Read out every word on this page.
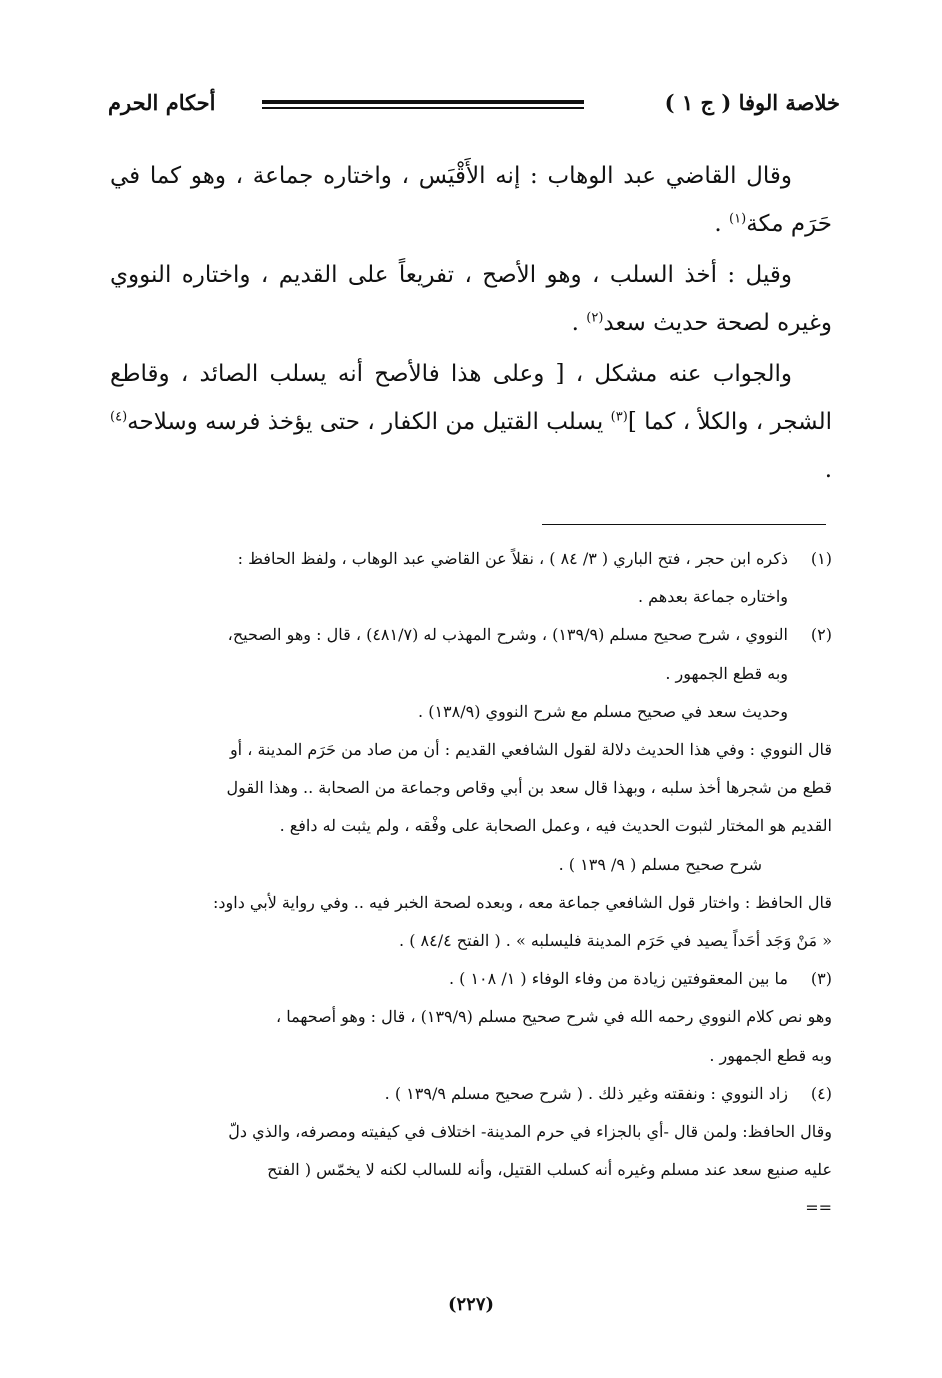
خلاصة الوفا ( ج ١ )
أحكام الحرم

وقال القاضي عبد الوهاب : إنه الأَقْيَس ، واختاره جماعة ، وهو كما في حَرَم مكة$^{(١)}$ .

وقيل : أخذ السلب ، وهو الأصح ، تفريعاً على القديم ، واختاره النووي وغيره لصحة حديث سعد$^{(٢)}$ .

والجواب عنه مشكل ، [ وعلى هذا فالأصح أنه يسلب الصائد ، وقاطع الشجر ، والكلأ ، كما ]$^{(٣)}$ يسلب القتيل من الكفار ، حتى يؤخذ فرسه وسلاحه$^{(٤)}$ .

(١)
ذكره ابن حجر ، فتح الباري ( ٣/ ٨٤ ) ، نقلاً عن القاضي عبد الوهاب ، ولفظ الحافظ :

واختاره جماعة بعدهم .

(٢)
النووي ، شرح صحيح مسلم (١٣٩/٩) ، وشرح المهذب له (٤٨١/٧) ، قال : وهو الصحيح،

وبه قطع الجمهور .

وحديث سعد في صحيح مسلم مع شرح النووي (١٣٨/٩) .

قال النووي : وفي هذا الحديث دلالة لقول الشافعي القديم : أن من صاد من حَرَم المدينة ، أو

قطع من شجرها أخذ سلبه ، وبهذا قال سعد بن أبي وقاص وجماعة من الصحابة .. وهذا القول

القديم هو المختار لثبوت الحديث فيه ، وعمل الصحابة على وفْقه ، ولم يثبت له دافع .

شرح صحيح مسلم ( ٩/ ١٣٩ ) .

قال الحافظ : واختار قول الشافعي جماعة معه ، وبعده لصحة الخبر فيه .. وفي رواية لأبي داود:

« مَنْ وَجَد أحَداً يصيد في حَرَم المدينة فليسلبه » . ( الفتح ٨٤/٤ ) .

(٣)
ما بين المعقوفتين زيادة من وفاء الوفاء ( ١/ ١٠٨ ) .

وهو نص كلام النووي رحمه الله في شرح صحيح مسلم (١٣٩/٩) ، قال : وهو أصحهما ،

وبه قطع الجمهور .

(٤)
زاد النووي : ونفقته وغير ذلك . ( شرح صحيح مسلم ١٣٩/٩ ) .

وقال الحافظ: ولمن قال -أي بالجزاء في حرم المدينة- اختلاف في كيفيته ومصرفه، والذي دلّ

عليه صنيع سعد عند مسلم وغيره أنه كسلب القتيل، وأنه للسالب لكنه لا يخمّس ( الفتح

==

(٢٢٧)
